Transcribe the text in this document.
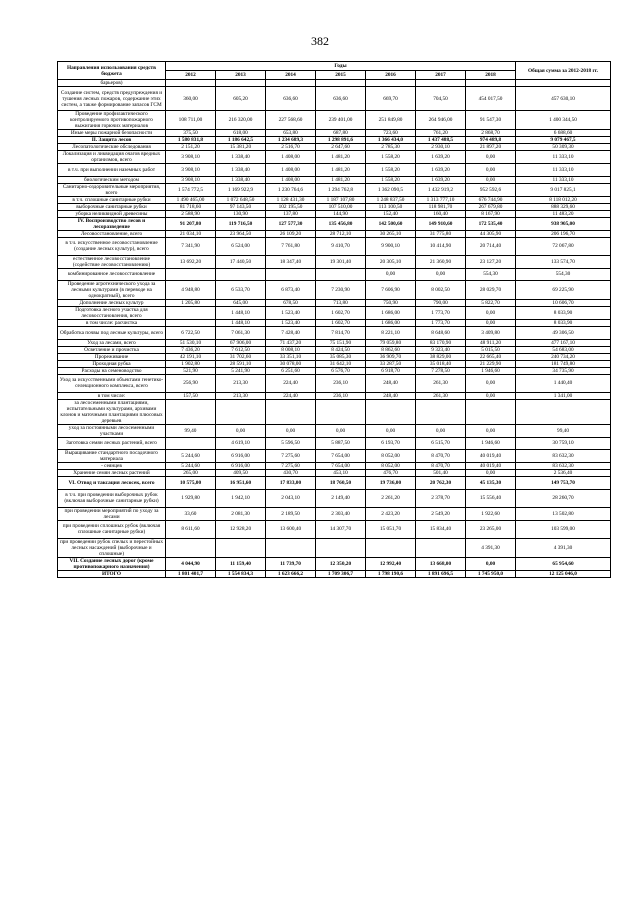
382
Направления использования средств бюджета	Годы							Общая сумма за 2012-2018 гг.
	2012	2013	2014	2015	2016	2017	2018	
барьеров)								
Создание систем, средств предупреждения и тушения лесных пожаров, содержание этих систем, а также формирование запасов ГСМ	360,00	605,20	636,60	636,60	669,70	704,50	454 017,50	457 630,10
Проведение профилактического контролируемого противопожарного выжигания горючих материалов	108 711,00	216 320,00	227 568,60	239 401,00	251 849,80	264 946,00	91 547,30	1 400 344,50
Иные меры пожарной безопасности	375,50	618,00	653,80	687,80	723,60	761,20	2 868,70	6 688,60
II. Защита лесов	1 580 831,8	1 186 642,5	1 234 689,3	1 298 891,6	1 366 434,0	1 437 488,5	974 489,8	9 079 467,5
Лесопатологические обследования	2 151,20	15 381,20	2 516,70	2 647,60	2 785,30	2 930,10	21 897,20	50 309,30
Локализация и ликвидация очагов вредных организмов, всего	3 908,10	1 338,40	1 408,00	1 481,20	1 558,20	1 639,20	0,00	11 333,10
в т.ч. при выполнении наземных работ	3 908,10	1 338,40	1 408,00	1 481,20	1 558,20	1 639,20	0,00	11 333,10
биологическим методом	3 908,10	1 338,40	1 408,00	1 481,20	1 558,20	1 639,20	0,00	11 333,10
Санитарно-оздоровительные мероприятия, всего	1 574 772,5	1 169 922,9	1 230 764,6	1 294 762,8	1 362 090,5	1 432 919,2	952 592,6	9 017 825,1
в т.ч. сплошные санитарные рубки	1 490 465,00	1 072 648,50	1 128 431,30	1 187 107,80	1 248 837,50	1 313 777,10	676 744,90	8 118 012,20
выборочные санитарные рубки	81 718,60	97 143,50	102 195,50	107 510,00	113 100,50	118 981,70	267 679,80	888 329,60
уборка неликвидной древесины	2 588,90	130,90	137,80	144,90	152,40	160,40	8 167,90	11 483,20
IV. Воспроизводство лесов и лесоразведение	91 207,80	119 716,50	127 577,30	135 456,80	142 500,60	149 910,60	172 535,40	938 905,00
Лесовосстановление, всего	21 034,10	23 964,50	26 109,20	28 712,10	30 265,10	31 775,80	44 305,90	206 196,70
в т.ч. искусственное лесовосстановление (создание лесных культур), всего	7 341,90	6 524,00	7 761,80	9 410,70	9 900,10	10 414,90	20 714,40	72 067,80
естественное лесовосстановление (содействие лесовосстановлению)	13 692,20	17 440,50	18 347,40	19 301,40	20 305,10	21 360,90	23 127,20	133 574,70
комбинированное лесовосстановление					0,00	0,00	554,30	554,30
Проведение агротехнического ухода за лесными культурами (в переводе на однократный), всего	4 948,80	6 533,70	6 873,40	7 230,90	7 606,90	8 002,50	28 029,70	69 225,90
Дополнение лесных культур	1 205,80	645,00	678,50	713,80	750,90	790,00	5 822,70	10 606,70
Подготовка лесного участка для лесовосстановления, всего		1 448,10	1 523,40	1 602,70	1 686,00	1 773,70	0,00	8 033,90
в том числе: расчистка		1 448,10	1 523,40	1 602,70	1 686,00	1 773,70	0,00	8 033,90
Обработка почвы под лесные культуры, всего	6 722,50	7 061,30	7 428,40	7 814,70	8 221,10	8 648,60	3 409,80	49 306,50
Уход за лесами, всего	51 530,10	67 906,00	71 437,20	75 151,90	79 059,80	83 170,90	48 911,20	477 167,10
Осветление и прочистка	7 436,20	7 612,50	8 008,10	8 424,50	8 862,60	9 323,40	5 015,50	54 683,00
Прореживание	42 191,10	31 702,60	33 351,10	35 085,30	36 909,70	38 829,00	22 665,40	240 734,20
Проходная рубка	1 902,80	28 591,10	30 078,00	31 642,10	33 287,50	35 018,40	21 229,90	181 749,80
Расходы на семеноводство	521,90	5 241,90	6 251,60	6 576,70	6 918,70	7 278,50	1 946,60	34 735,90
Уход за искусственными объектами генетико-селекционного комплекса, всего	256,90	213,30	224,40	236,10	248,40	261,30	0,00	1 440,40
в том числе:	157,50	213,30	224,40	236,10	248,40	261,30	0,00	1 341,00
за лесосеменными плантациями, испытательными культурами, архивами клонов и маточными плантациями плюсовых деревьев								
уход за постоянными лесосеменными участками	99,40	0,00	0,00	0,00	0,00	0,00	0,00	99,40
Заготовка семян лесных растений, всего		4 619,10	5 596,50	5 887,50	6 193,70	6 515,70	1 946,60	30 759,10
Выращивание стандартного посадочного материала	5 244,60	6 916,00	7 275,60	7 654,00	8 052,00	8 470,70	40 019,40	83 632,30
- сеянцев	5 244,60	6 916,00	7 275,60	7 654,00	8 052,00	8 470,70	40 019,40	83 632,30
Хранение семян лесных растений	265,00	409,50	430,70	453,10	476,70	501,40	0,00	2 536,40
VI. Отвод и таксация лесосек, всего	10 575,00	16 951,60	17 833,00	18 760,50	19 736,00	20 762,30	45 135,30	149 753,70
в т.ч. при проведении выборочных рубок (включая выборочные санитарные рубки)	1 929,80	1 942,10	2 043,10	2 149,40	2 261,20	2 378,70	15 556,40	28 260,70
при проведении мероприятий по уходу за лесами	33,60	2 081,30	2 189,50	2 303,40	2 423,20	2 549,20	1 922,60	13 502,80
при проведении сплошных рубок (включая сплошные санитарные рубки)	8 611,60	12 928,20	13 600,40	14 307,70	15 051,70	15 834,40	23 265,00	103 599,00
при проведении рубок спелых и перестойных лесных насаждений (выборочные и сплошные)							4 391,30	4 391,30
VII. Создание лесных дорог (кроме противопожарного назначения)	4 044,90	11 159,40	11 739,70	12 350,20	12 992,40	13 668,00	0,00	65 954,60
ИТОГО	1 801 401,7	1 554 834,3	1 623 666,2	1 709 306,7	1 798 190,6	1 891 696,5	1 745 950,0	12 125 046,0
